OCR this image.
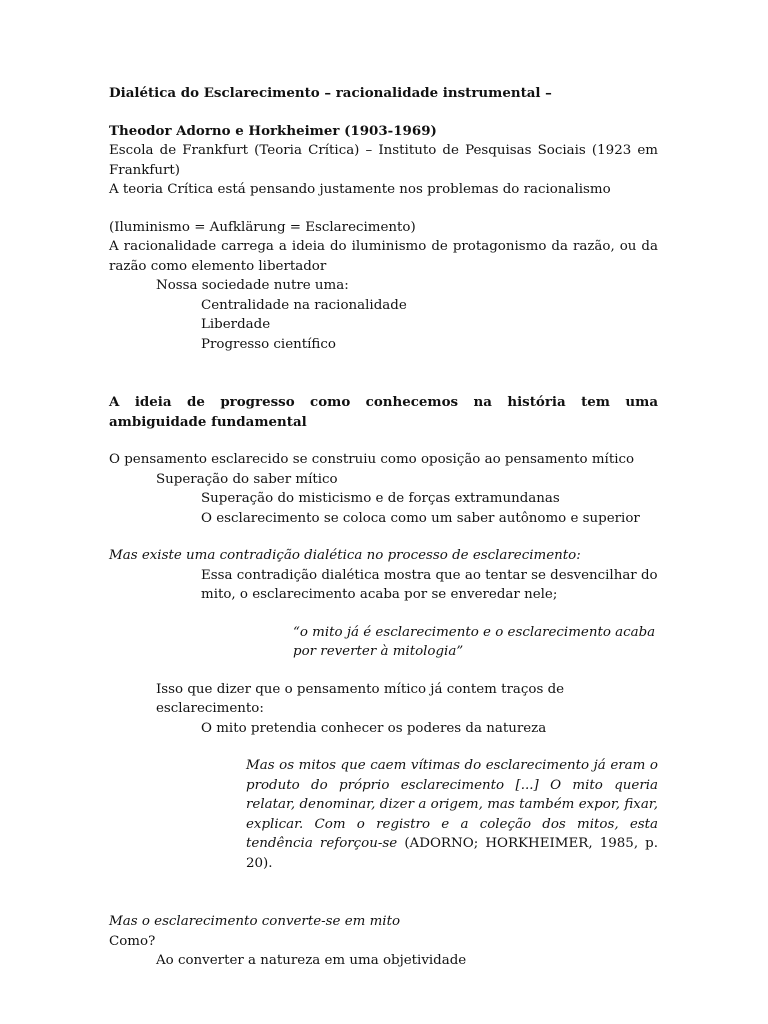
Dialética do Esclarecimento – racionalidade instrumental –

Theodor Adorno e Horkheimer (1903-1969)

Escola de Frankfurt (Teoria Crítica) – Instituto de Pesquisas Sociais (1923 em Frankfurt)

A teoria Crítica está pensando justamente nos problemas do racionalismo

(Iluminismo = Aufklärung = Esclarecimento)

A racionalidade carrega a ideia do iluminismo de protagonismo da razão, ou da razão como elemento libertador

Nossa sociedade nutre uma:

Centralidade na racionalidade

Liberdade

Progresso científico

A ideia de progresso como conhecemos na história tem uma ambiguidade fundamental

O pensamento esclarecido se construiu como oposição ao pensamento mítico

Superação do saber mítico

Superação do misticismo e de forças extramundanas

O esclarecimento se coloca como um saber autônomo e superior

Mas existe uma contradição dialética no processo de esclarecimento:

Essa contradição dialética mostra que ao tentar se desvencilhar do mito, o esclarecimento acaba por se enveredar nele;

“o mito já é esclarecimento e o esclarecimento acaba por reverter à mitologia”

Isso que dizer que o pensamento mítico já contem traços de esclarecimento:

O mito pretendia conhecer os poderes da natureza

Mas os mitos que caem vítimas do esclarecimento já eram o produto do próprio esclarecimento [...] O mito queria relatar, denominar, dizer a origem, mas também expor, fixar, explicar. Com o registro e a coleção dos mitos, esta tendência reforçou-se (ADORNO; HORKHEIMER, 1985, p. 20).

Mas o esclarecimento converte-se em mito

Como?

Ao converter a natureza em uma objetividade
